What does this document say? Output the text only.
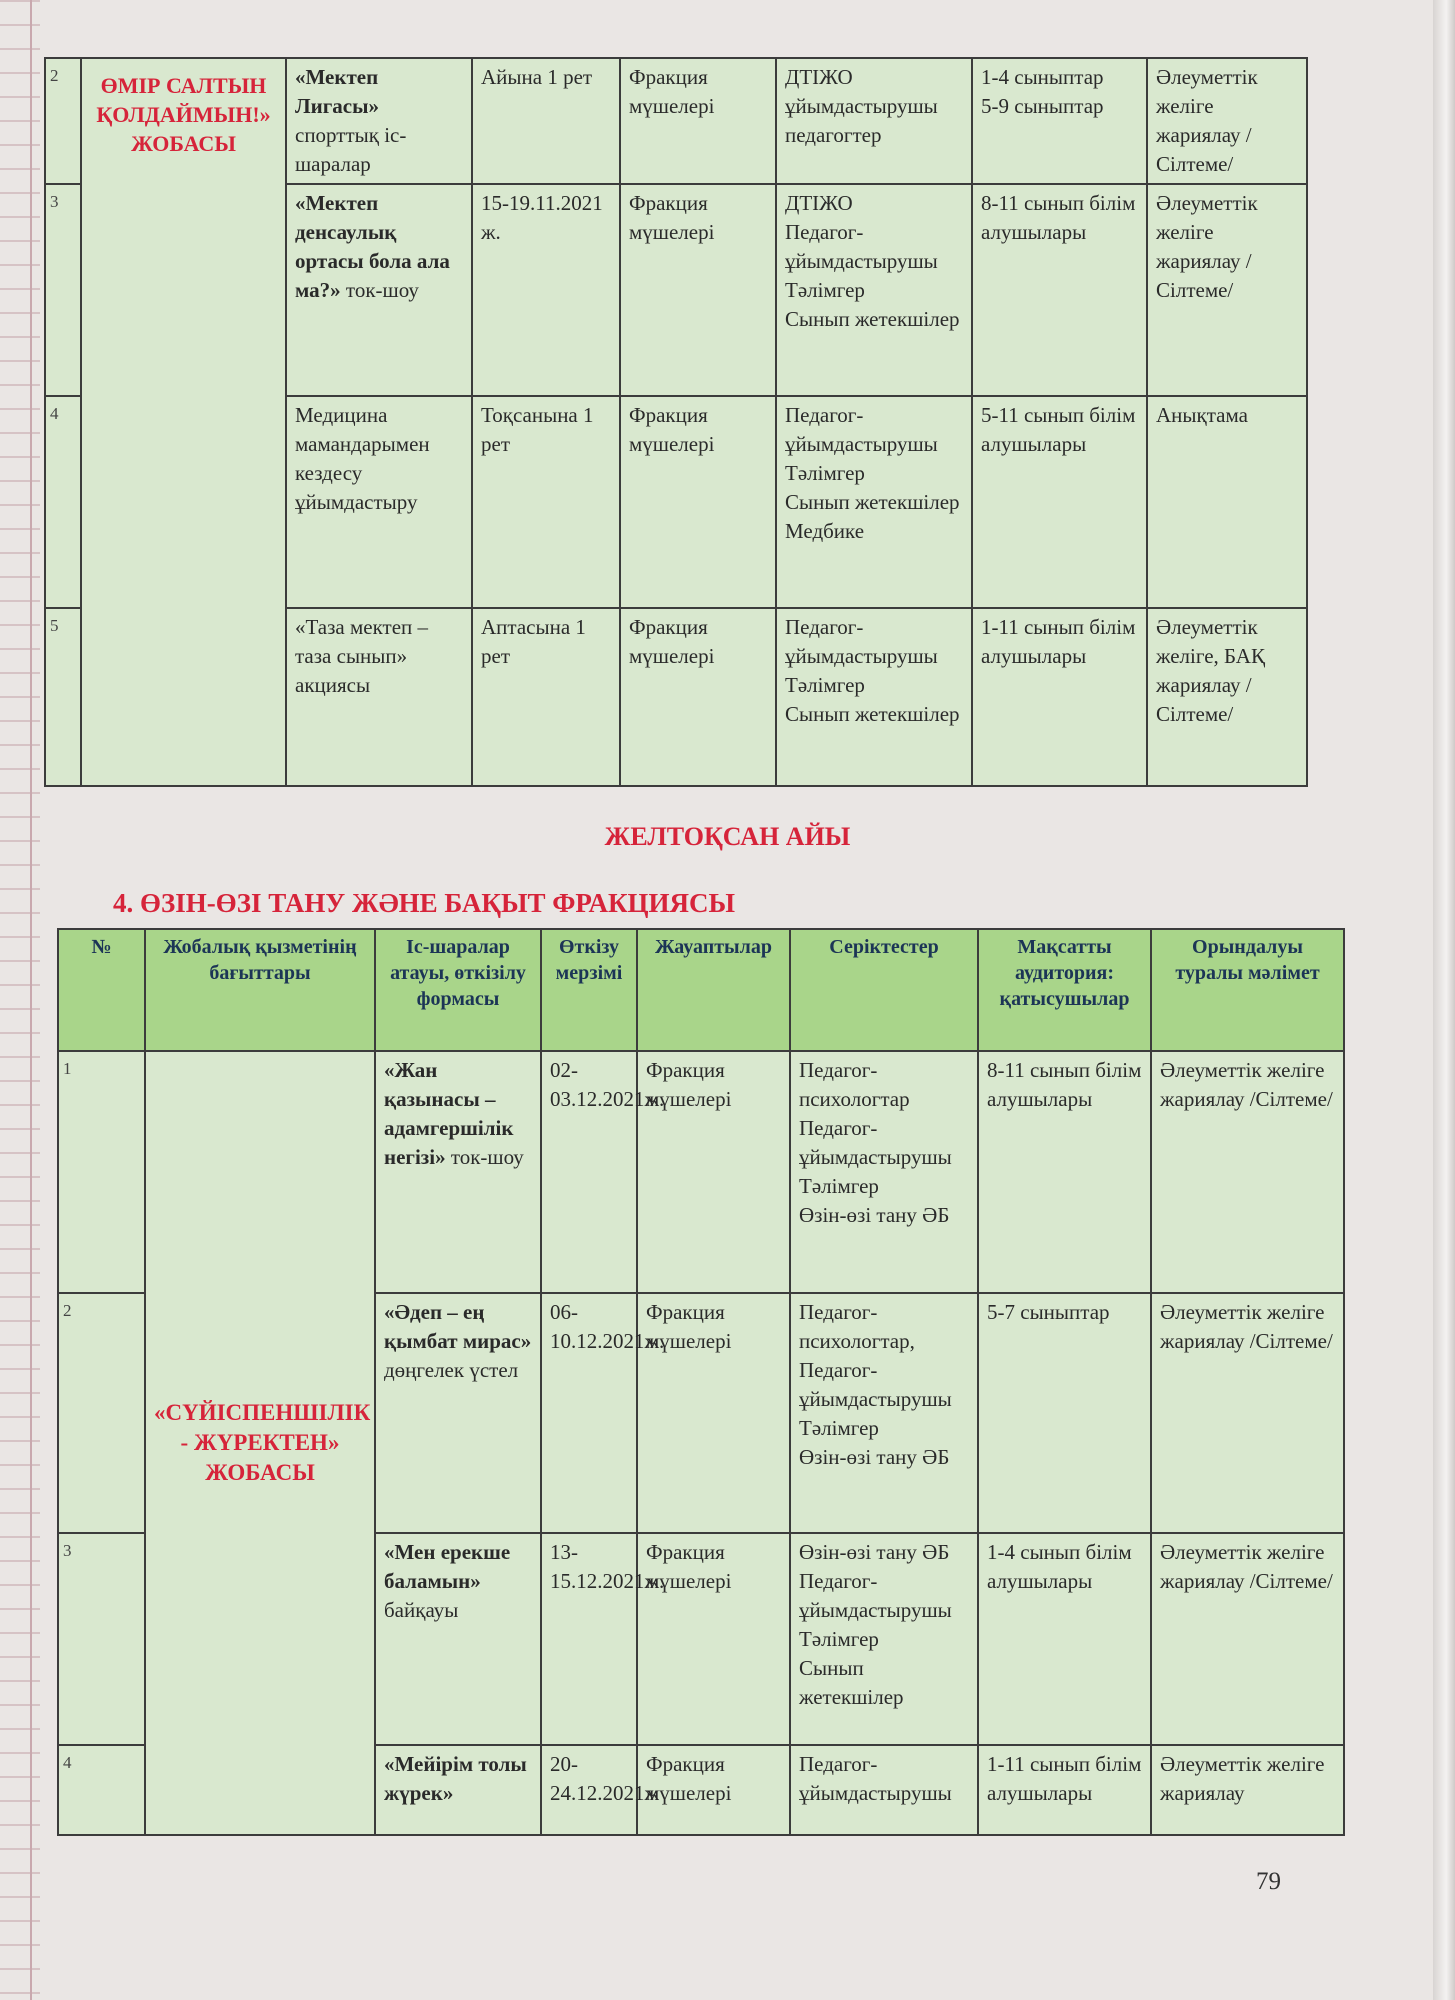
2	ӨМІР САЛТЫН ҚОЛДАЙМЫН!» ЖОБАСЫ	«Мектеп Лигасы» спорттық іс-шаралар	Айына 1 рет	Фракция мүшелері	ДТІЖО ұйымдастырушы педагогтер	1-4 сыныптар
5-9 сыныптар	Әлеуметтік желіге жариялау /Сілтеме/
3		«Мектеп денсаулық ортасы бола ала ма?» ток-шоу	15-19.11.2021 ж.	Фракция мүшелері	ДТІЖО
Педагог-ұйымдастырушы
Тәлімгер
Сынып жетекшілер	8-11 сынып білім алушылары	Әлеуметтік желіге жариялау /Сілтеме/
4		Медицина мамандарымен кездесу ұйымдастыру	Тоқсанына 1 рет	Фракция мүшелері	Педагог-ұйымдастырушы
Тәлімгер
Сынып жетекшілер
Медбике	5-11 сынып білім алушылары	Анықтама
5		«Таза мектеп – таза сынып» акциясы	Аптасына 1 рет	Фракция мүшелері	Педагог-ұйымдастырушы
Тәлімгер
Сынып жетекшілер	1-11 сынып білім алушылары	Әлеуметтік желіге, БАҚ жариялау /Сілтеме/
ЖЕЛТОҚСАН АЙЫ
4. ӨЗІН-ӨЗІ ТАНУ ЖӘНЕ БАҚЫТ ФРАКЦИЯСЫ
№	Жобалық қызметінің бағыттары	Іс-шаралар атауы, өткізілу формасы	Өткізу мерзімі	Жауаптылар	Серіктестер	Мақсатты аудитория: қатысушылар	Орындалуы туралы мәлімет
1	«СҮЙІСПЕНШІЛІК - ЖҮРЕКТЕН» ЖОБАСЫ	«Жан қазынасы – адамгершілік негізі» ток-шоу	02-03.12.2021ж.	Фракция мүшелері	Педагог-психологтар
Педагог-ұйымдастырушы
Тәлімгер
Өзін-өзі тану ӘБ	8-11 сынып білім алушылары	Әлеуметтік желіге жариялау /Сілтеме/
2		«Әдеп – ең қымбат мирас» дөңгелек үстел	06-10.12.2021ж.	Фракция мүшелері	Педагог-психологтар,
Педагог-ұйымдастырушы
Тәлімгер
Өзін-өзі тану ӘБ	5-7 сыныптар	Әлеуметтік желіге жариялау /Сілтеме/
3		«Мен ерекше баламын» байқауы	13-15.12.2021ж.	Фракция мүшелері	Өзін-өзі тану ӘБ Педагог-ұйымдастырушы
Тәлімгер
Сынып жетекшілер	1-4 сынып білім алушылары	Әлеуметтік желіге жариялау /Сілтеме/
4		«Мейірім толы жүрек»	20-24.12.2021ж	Фракция мүшелері	Педагог-ұйымдастырушы	1-11 сынып білім алушылары	Әлеуметтік желіге жариялау
79
